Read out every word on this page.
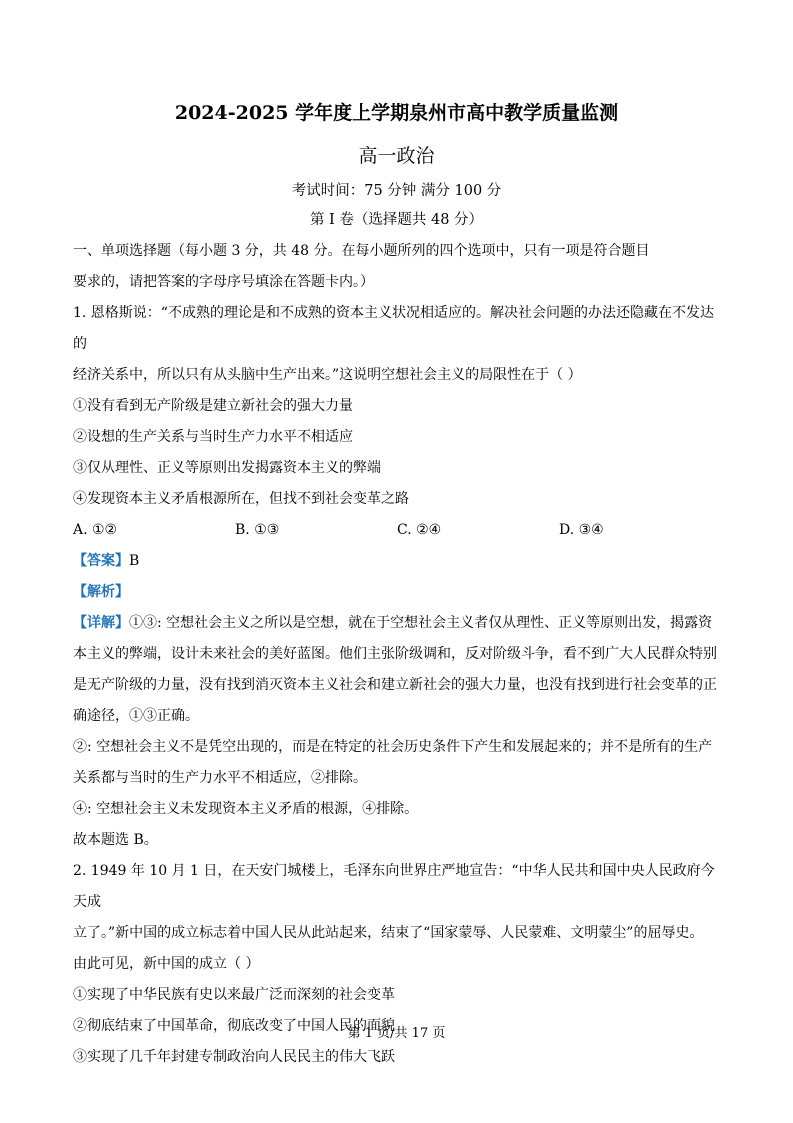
2024-2025 学年度上学期泉州市高中教学质量监测
高一政治
考试时间：75 分钟 满分 100 分
第 I 卷（选择题共 48 分）

一、单项选择题（每小题 3 分，共 48 分。在每小题所列的四个选项中，只有一项是符合题目

要求的，请把答案的字母序号填涂在答题卡内。）

1. 恩格斯说：“不成熟的理论是和不成熟的资本主义状况相适应的。解决社会问题的办法还隐藏在不发达的

经济关系中，所以只有从头脑中生产出来。”这说明空想社会主义的局限性在于（ ）

①没有看到无产阶级是建立新社会的强大力量

②设想的生产关系与当时生产力水平不相适应

③仅从理性、正义等原则出发揭露资本主义的弊端

④发现资本主义矛盾根源所在，但找不到社会变革之路

A. ①②	B. ①③	C. ②④	D. ③④

【答案】B

【解析】

【详解】①③: 空想社会主义之所以是空想，就在于空想社会主义者仅从理性、正义等原则出发，揭露资

本主义的弊端，设计未来社会的美好蓝图。他们主张阶级调和，反对阶级斗争，看不到广大人民群众特别

是无产阶级的力量，没有找到消灭资本主义社会和建立新社会的强大力量，也没有找到进行社会变革的正

确途径，①③正确。

②: 空想社会主义不是凭空出现的，而是在特定的社会历史条件下产生和发展起来的；并不是所有的生产

关系都与当时的生产力水平不相适应，②排除。

④: 空想社会主义未发现资本主义矛盾的根源，④排除。

故本题选 B。

2. 1949 年 10 月 1 日，在天安门城楼上，毛泽东向世界庄严地宣告：“中华人民共和国中央人民政府今天成

立了。”新中国的成立标志着中国人民从此站起来，结束了“国家蒙辱、人民蒙难、文明蒙尘”的屈辱史。

由此可见，新中国的成立（ ）

①实现了中华民族有史以来最广泛而深刻的社会变革

②彻底结束了中国革命，彻底改变了中国人民的面貌

③实现了几千年封建专制政治向人民民主的伟大飞跃

第 1 页/共 17 页
